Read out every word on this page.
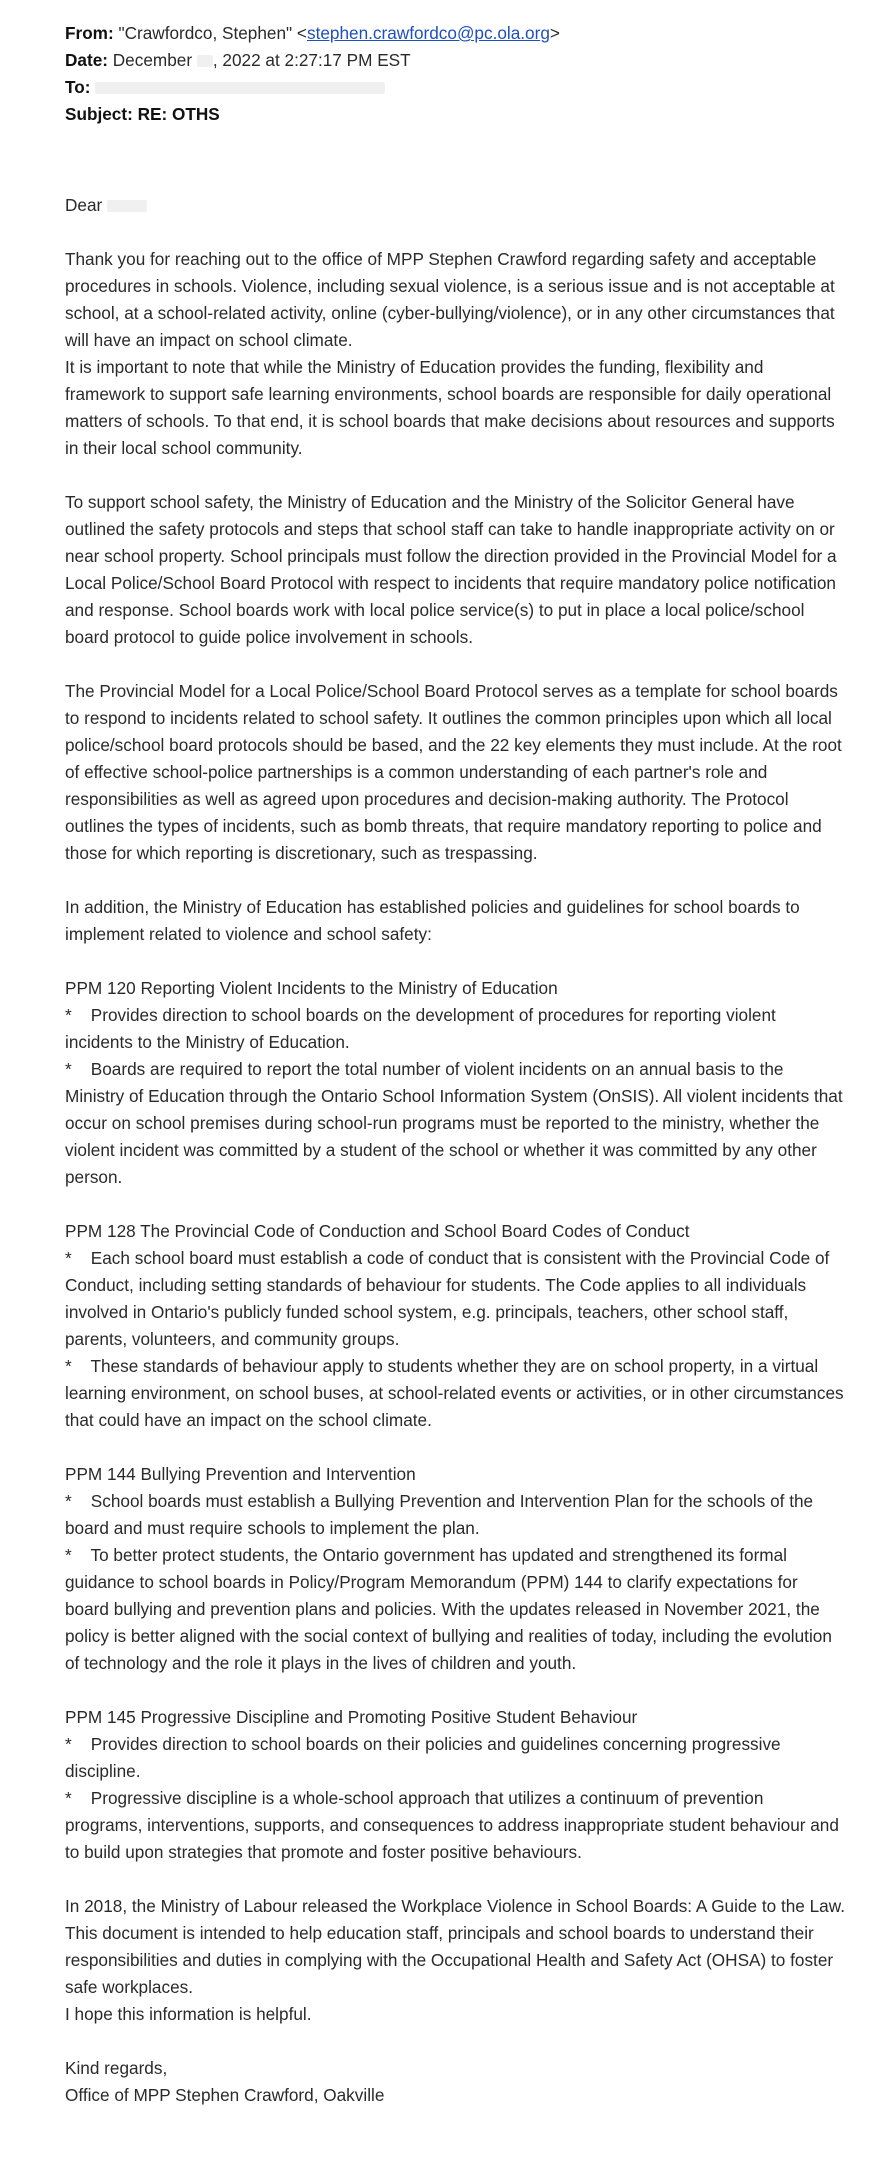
From: "Crawfordco, Stephen" <stephen.crawfordco@pc.ola.org>
Date: December , 2022 at 2:27:17 PM EST
To:
Subject: RE: OTHS

Dear

Thank you for reaching out to the office of MPP Stephen Crawford regarding safety and acceptable procedures in schools. Violence, including sexual violence, is a serious issue and is not acceptable at school, at a school-related activity, online (cyber-bullying/violence), or in any other circumstances that will have an impact on school climate.

It is important to note that while the Ministry of Education provides the funding, flexibility and framework to support safe learning environments, school boards are responsible for daily operational matters of schools. To that end, it is school boards that make decisions about resources and supports in their local school community.

To support school safety, the Ministry of Education and the Ministry of the Solicitor General have outlined the safety protocols and steps that school staff can take to handle inappropriate activity on or near school property. School principals must follow the direction provided in the Provincial Model for a Local Police/School Board Protocol with respect to incidents that require mandatory police notification and response. School boards work with local police service(s) to put in place a local police/school board protocol to guide police involvement in schools.

The Provincial Model for a Local Police/School Board Protocol serves as a template for school boards to respond to incidents related to school safety. It outlines the common principles upon which all local police/school board protocols should be based, and the 22 key elements they must include. At the root of effective school-police partnerships is a common understanding of each partner's role and responsibilities as well as agreed upon procedures and decision-making authority. The Protocol outlines the types of incidents, such as bomb threats, that require mandatory reporting to police and those for which reporting is discretionary, such as trespassing.

In addition, the Ministry of Education has established policies and guidelines for school boards to implement related to violence and school safety:

PPM 120 Reporting Violent Incidents to the Ministry of Education

*    Provides direction to school boards on the development of procedures for reporting violent incidents to the Ministry of Education.

*    Boards are required to report the total number of violent incidents on an annual basis to the Ministry of Education through the Ontario School Information System (OnSIS). All violent incidents that occur on school premises during school-run programs must be reported to the ministry, whether the violent incident was committed by a student of the school or whether it was committed by any other person.

PPM 128 The Provincial Code of Conduction and School Board Codes of Conduct

*    Each school board must establish a code of conduct that is consistent with the Provincial Code of Conduct, including setting standards of behaviour for students. The Code applies to all individuals involved in Ontario's publicly funded school system, e.g. principals, teachers, other school staff, parents, volunteers, and community groups.

*    These standards of behaviour apply to students whether they are on school property, in a virtual learning environment, on school buses, at school-related events or activities, or in other circumstances that could have an impact on the school climate.

PPM 144 Bullying Prevention and Intervention

*    School boards must establish a Bullying Prevention and Intervention Plan for the schools of the board and must require schools to implement the plan.

*    To better protect students, the Ontario government has updated and strengthened its formal guidance to school boards in Policy/Program Memorandum (PPM) 144 to clarify expectations for board bullying and prevention plans and policies. With the updates released in November 2021, the policy is better aligned with the social context of bullying and realities of today, including the evolution of technology and the role it plays in the lives of children and youth.

PPM 145 Progressive Discipline and Promoting Positive Student Behaviour

*    Provides direction to school boards on their policies and guidelines concerning progressive discipline.

*    Progressive discipline is a whole-school approach that utilizes a continuum of prevention programs, interventions, supports, and consequences to address inappropriate student behaviour and to build upon strategies that promote and foster positive behaviours.

In 2018, the Ministry of Labour released the Workplace Violence in School Boards: A Guide to the Law. This document is intended to help education staff, principals and school boards to understand their responsibilities and duties in complying with the Occupational Health and Safety Act (OHSA) to foster safe workplaces.

I hope this information is helpful.

Kind regards,

Office of MPP Stephen Crawford, Oakville
